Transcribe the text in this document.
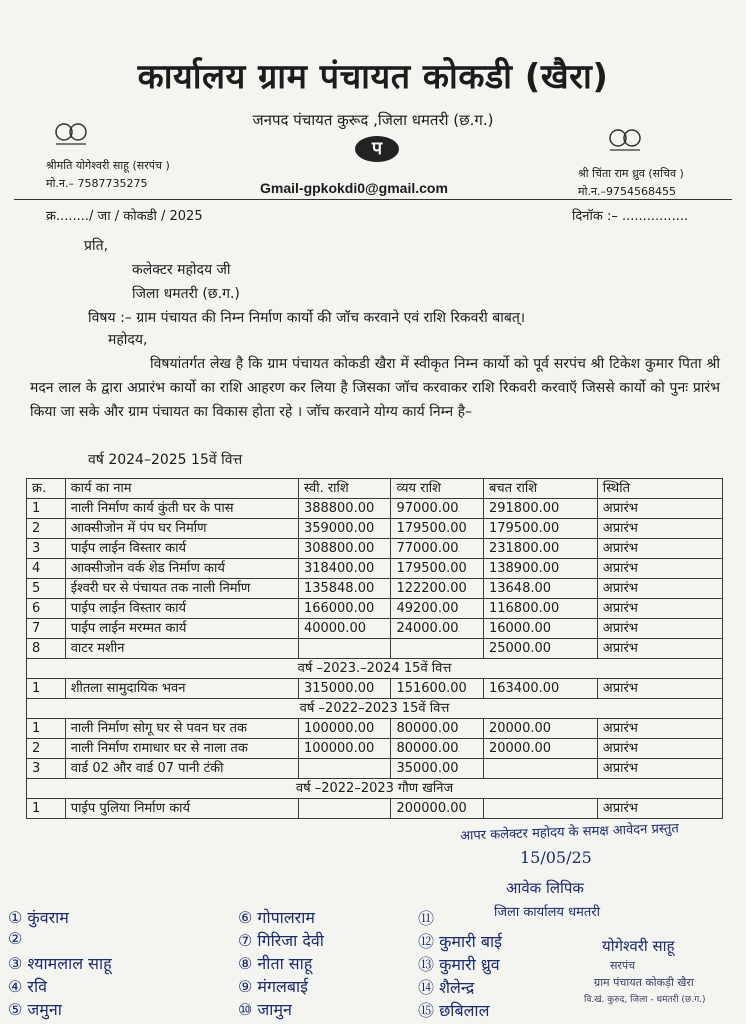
कार्यालय ग्राम पंचायत कोकडी (खैरा)
जनपद पंचायत कुरूद ,जिला धमतरी (छ.ग.)
श्रीमति योगेश्वरी साहू (सरपंच )
मो.न.– 7587735275
श्री चिंता राम ध्रुव (सचिव )
मो.न.–9754568455
प
Gmail-gpkokdi0@gmail.com
क्र......../ जा / कोकडी / 2025	दिनॉक :– ................
प्रति,
कलेक्टर महोदय जी
जिला धमतरी (छ.ग.)
विषय :– ग्राम पंचायत की निम्न निर्माण कार्यो की जॉच करवाने एवं राशि रिकवरी बाबत्।
महोदय,
विषयांतर्गत लेख है कि ग्राम पंचायत कोकडी खैरा में स्वीकृत निम्न कार्यो को पूर्व सरपंच श्री टिकेश कुमार पिता श्री मदन लाल के द्वारा अप्रारंभ कार्यो का राशि आहरण कर लिया है जिसका जॉच करवाकर राशि रिकवरी करवाऍ जिससे कार्यो को पुनः प्रारंभ किया जा सके और ग्राम पंचायत का विकास होता रहे । जॉच करवाने योग्य कार्य निम्न है–
वर्ष 2024–2025 15वें वित्त
क्र.	कार्य का नाम	स्वी. राशि	व्यय राशि	बचत राशि	स्थिति
1	नाली निर्माण कार्य कुंती घर के पास	388800.00	97000.00	291800.00	अप्रारंभ
2	आक्सीजोन में पंप घर निर्माण	359000.00	179500.00	179500.00	अप्रारंभ
3	पाईप लाईन विस्तार कार्य	308800.00	77000.00	231800.00	अप्रारंभ
4	आक्सीजोन वर्क शेड निर्माण कार्य	318400.00	179500.00	138900.00	अप्रारंभ
5	ईश्वरी घर से पंचायत तक नाली निर्माण	135848.00	122200.00	13648.00	अप्रारंभ
6	पाईप लाईन विस्तार कार्य	166000.00	49200.00	116800.00	अप्रारंभ
7	पाईप लाईन मरम्मत कार्य	40000.00	24000.00	16000.00	अप्रारंभ
8	वाटर मशीन			25000.00	अप्रारंभ
वर्ष –2023.–2024 15वें वित्त					
1	शीतला सामुदायिक भवन	315000.00	151600.00	163400.00	अप्रारंभ
वर्ष –2022–2023 15वें वित्त					
1	नाली निर्माण सोगू घर से पवन घर तक	100000.00	80000.00	20000.00	अप्रारंभ
2	नाली निर्माण रामाधार घर से नाला तक	100000.00	80000.00	20000.00	अप्रारंभ
3	वार्ड 02 और वार्ड 07 पानी टंकी		35000.00		अप्रारंभ
वर्ष –2022–2023 गौण खनिज					
1	पाईप पुलिया निर्माण कार्य		200000.00		अप्रारंभ
आपर कलेक्टर महोदय के समक्ष आवेदन प्रस्तुत
15/05/25
आवेक लिपिक
जिला कार्यालय धमतरी
① कुंवराम
②
③ श्यामलाल साहू
④ रवि
⑤ जमुना
⑥ गोपालराम
⑦ गिरिजा देवी
⑧ नीता साहू
⑨ मंगलबाई
⑩ जामुन
⑪
⑫ कुमारी बाई
⑬ कुमारी ध्रुव
⑭ शैलेन्द्र
⑮ छबिलाल
योगेश्वरी साहू
सरपंच
ग्राम पंचायत कोकड़ी खैरा
वि.खं. कुरुद, जिला - धमतरी (छ.ग.)
